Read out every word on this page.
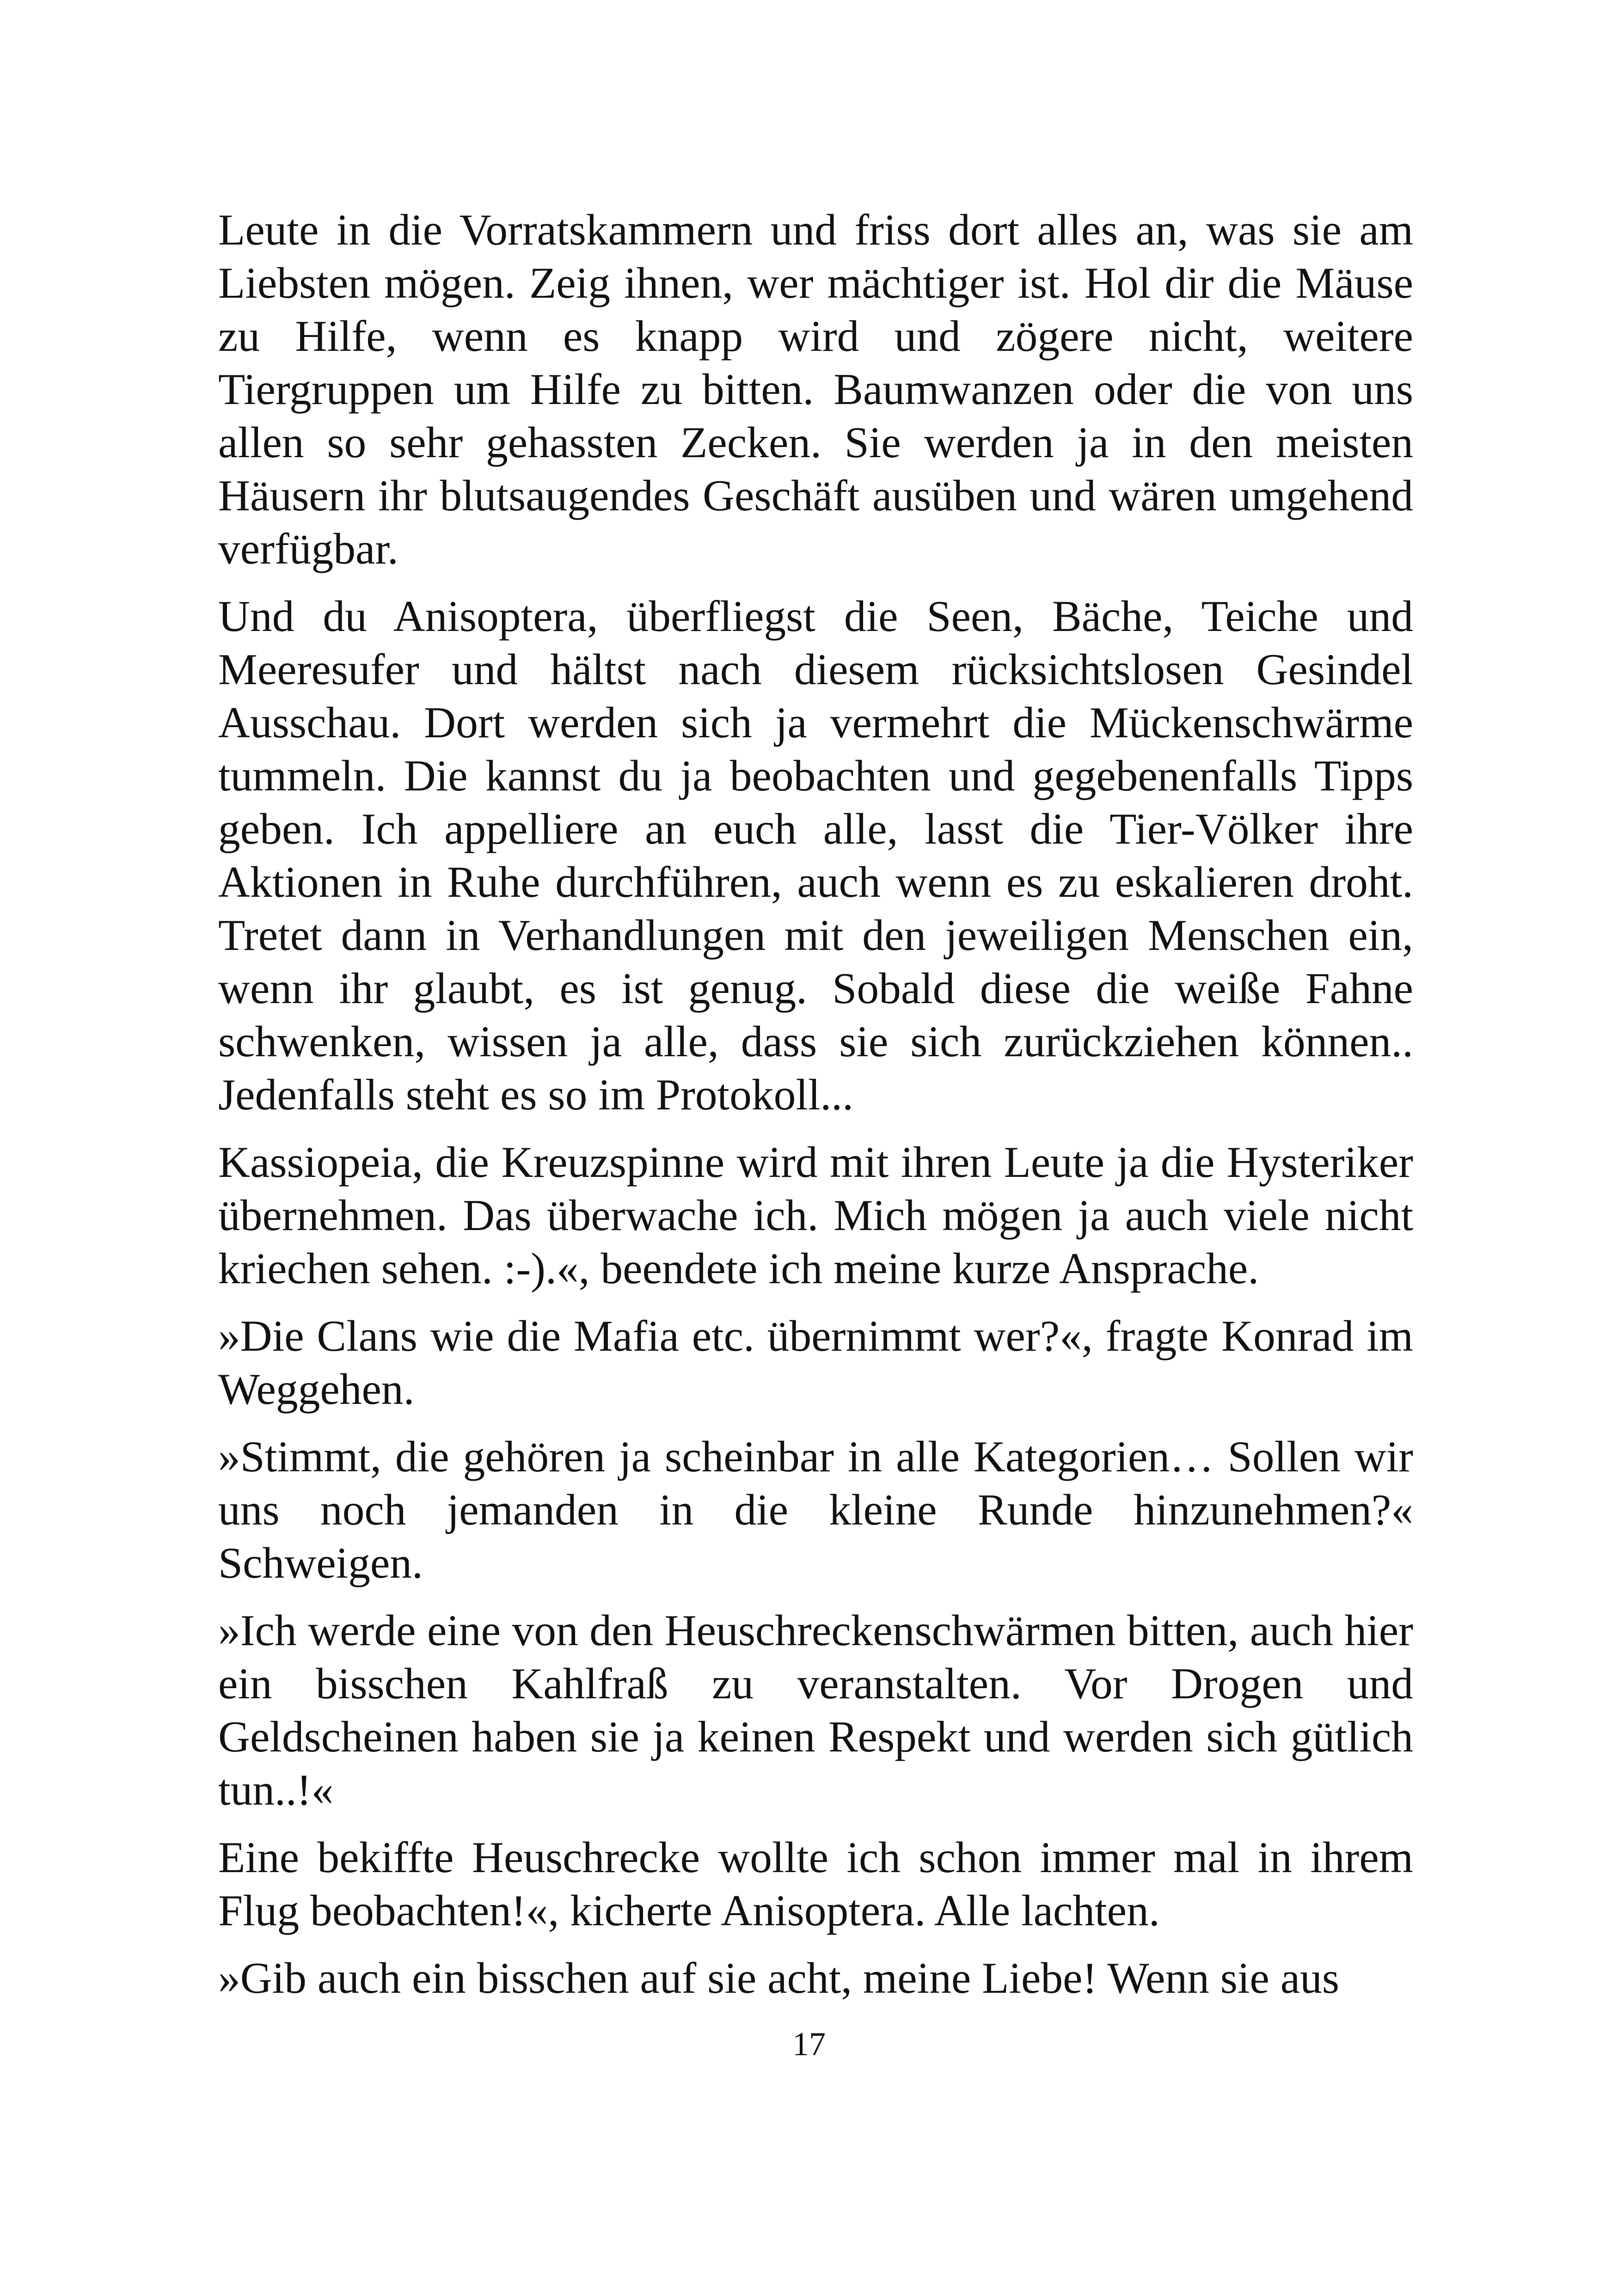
Leute in die Vorratskammern und friss dort alles an, was sie am Liebsten mögen. Zeig ihnen, wer mächtiger ist. Hol dir die Mäuse zu Hilfe, wenn es knapp wird und zögere nicht, weitere Tiergruppen um Hilfe zu bitten. Baumwanzen oder die von uns allen so sehr gehassten Zecken. Sie werden ja in den meisten Häusern ihr blutsaugendes Geschäft ausüben und wären umgehend verfügbar.

Und du Anisoptera, überfliegst die Seen, Bäche, Teiche und Meeresufer und hältst nach diesem rücksichtslosen Gesindel Ausschau. Dort werden sich ja vermehrt die Mückenschwärme tummeln. Die kannst du ja beobachten und gegebenenfalls Tipps geben. Ich appelliere an euch alle, lasst die Tier-Völker ihre Aktionen in Ruhe durchführen, auch wenn es zu eskalieren droht. Tretet dann in Verhandlungen mit den jeweiligen Menschen ein, wenn ihr glaubt, es ist genug. Sobald diese die weiße Fahne schwenken, wissen ja alle, dass sie sich zurückziehen können.. Jedenfalls steht es so im Protokoll...

Kassiopeia, die Kreuzspinne wird mit ihren Leute ja die Hysteriker übernehmen. Das überwache ich. Mich mögen ja auch viele nicht kriechen sehen. :-).«, beendete ich meine kurze Ansprache.

»Die Clans wie die Mafia etc. übernimmt wer?«, fragte Konrad im Weggehen.

»Stimmt, die gehören ja scheinbar in alle Kategorien… Sollen wir uns noch jemanden in die kleine Runde hinzunehmen?« Schweigen.

»Ich werde eine von den Heuschreckenschwärmen bitten, auch hier ein bisschen Kahlfraß zu veranstalten. Vor Drogen und Geldscheinen haben sie ja keinen Respekt und werden sich gütlich tun..!«

Eine bekiffte Heuschrecke wollte ich schon immer mal in ihrem Flug beobachten!«, kicherte Anisoptera. Alle lachten.

»Gib auch ein bisschen auf sie acht, meine Liebe! Wenn sie aus

17
